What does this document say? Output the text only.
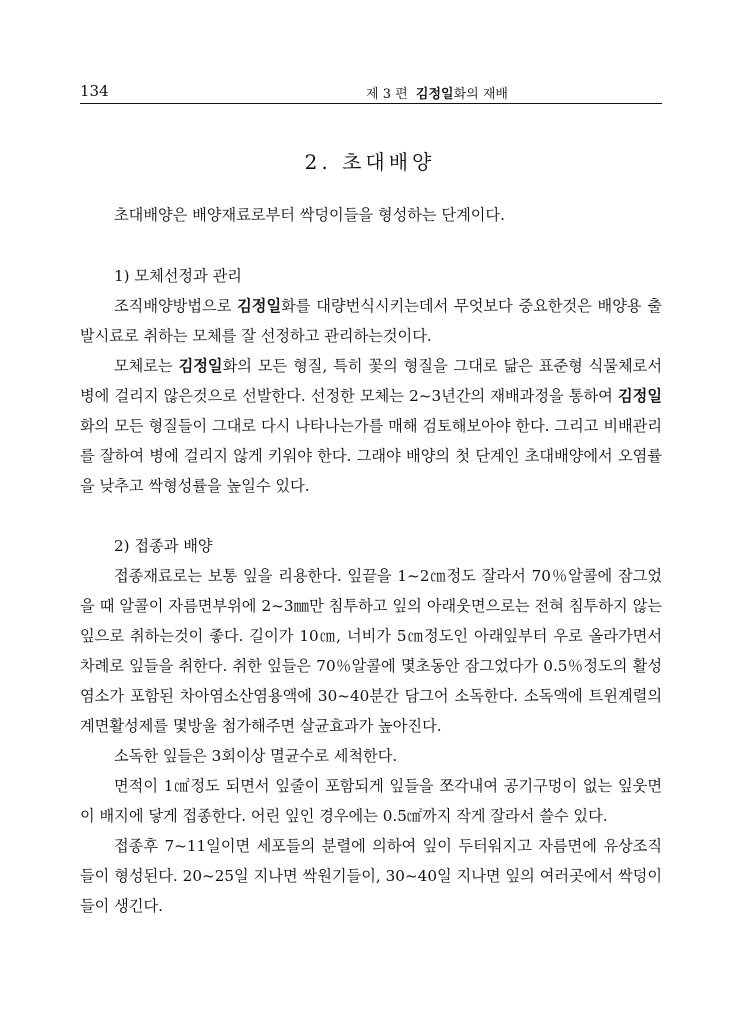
134	제 3 편 김정일화의 재배
2. 초대배양

초대배양은 배양재료로부터 싹덩이들을 형성하는 단계이다.

1) 모체선정과 관리

조직배양방법으로 김정일화를 대량번식시키는데서 무엇보다 중요한것은 배양용 출발시료로 취하는 모체를 잘 선정하고 관리하는것이다.

모체로는 김정일화의 모든 형질, 특히 꽃의 형질을 그대로 닮은 표준형 식물체로서 병에 걸리지 않은것으로 선발한다. 선정한 모체는 2~3년간의 재배과정을 통하여 김정일화의 모든 형질들이 그대로 다시 나타나는가를 매해 검토해보아야 한다. 그리고 비배관리를 잘하여 병에 걸리지 않게 키워야 한다. 그래야 배양의 첫 단계인 초대배양에서 오염률을 낮추고 싹형성률을 높일수 있다.

2) 접종과 배양

접종재료로는 보통 잎을 리용한다. 잎끝을 1~2㎝정도 잘라서 70％알콜에 잠그었을 때 알콜이 자름면부위에 2~3㎜만 침투하고 잎의 아래웃면으로는 전혀 침투하지 않는 잎으로 취하는것이 좋다. 길이가 10㎝, 너비가 5㎝정도인 아래잎부터 우로 올라가면서 차례로 잎들을 취한다. 취한 잎들은 70％알콜에 몇초동안 잠그었다가 0.5％정도의 활성염소가 포함된 차아염소산염용액에 30~40분간 담그어 소독한다. 소독액에 트윈계렬의 계면활성제를 몇방울 첨가해주면 살균효과가 높아진다.

소독한 잎들은 3회이상 멸균수로 세척한다.

면적이 1㎠정도 되면서 잎줄이 포함되게 잎들을 쪼각내여 공기구멍이 없는 잎웃면이 배지에 닿게 접종한다. 어린 잎인 경우에는 0.5㎠까지 작게 잘라서 쓸수 있다.

접종후 7~11일이면 세포들의 분렬에 의하여 잎이 두터워지고 자름면에 유상조직들이 형성된다. 20~25일 지나면 싹원기들이, 30~40일 지나면 잎의 여러곳에서 싹덩이들이 생긴다.
